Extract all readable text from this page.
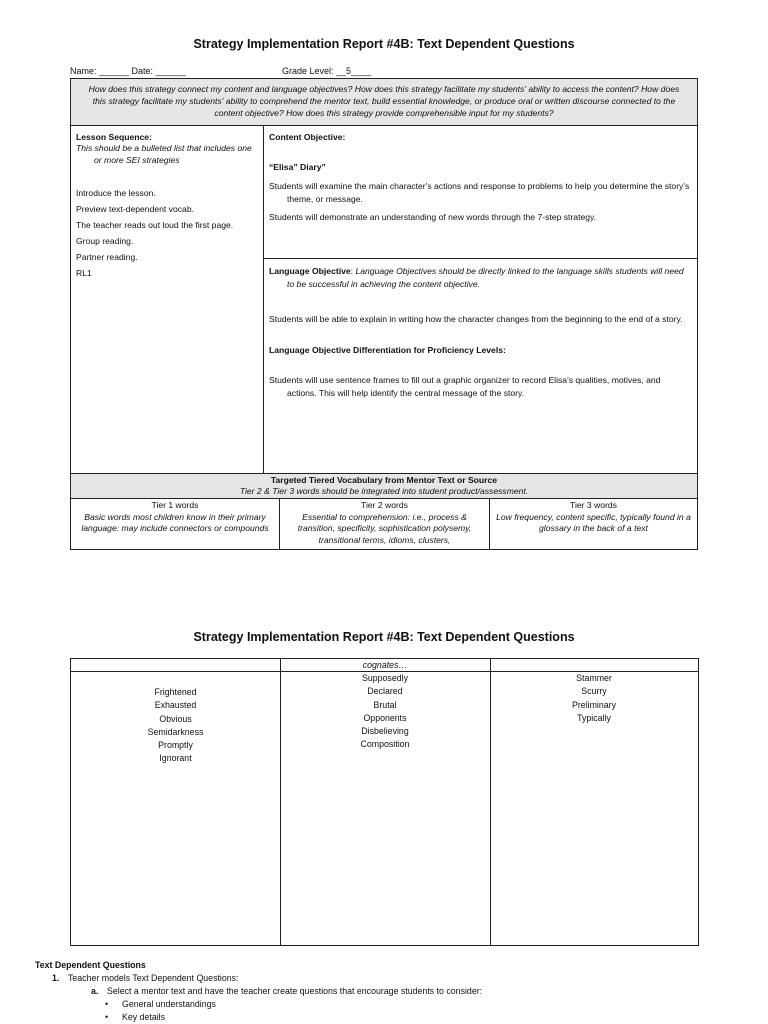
Strategy Implementation Report #4B: Text Dependent Questions
Name: ______ Date: ______	Grade Level: __5____
How does this strategy connect my content and language objectives? How does this strategy facilitate my students' ability to access the content? How does this strategy facilitate my students' ability to comprehend the mentor text, build essential knowledge, or produce oral or written discourse connected to the content objective? How does this strategy provide comprehensible input for my students?

Lesson Sequence:

This should be a bulleted list that includes one or more SEI strategies

Introduce the lesson.

Preview text-dependent vocab.

The teacher reads out loud the first page.

Group reading.

Partner reading.

RL1

Content Objective:

“Elisa” Diary”

Students will examine the main character's actions and response to problems to help you determine the story's theme, or message.

Students will demonstrate an understanding of new words through the 7-step strategy.

Language Objective: Language Objectives should be directly linked to the language skills students will need to be successful in achieving the content objective.

Students will be able to explain in writing how the character changes from the beginning to the end of a story.

Language Objective Differentiation for Proficiency Levels:

Students will use sentence frames to fill out a graphic organizer to record Elisa's qualities, motives, and actions. This will help identify the central message of the story.

Targeted Tiered Vocabulary from Mentor Text or Source
Tier 2 & Tier 3 words should be integrated into student product/assessment.
Tier 1 words
Basic words most children know in their primary language: may include connectors or compounds
Tier 2 words
Essential to comprehension: i.e., process & transition, specificity, sophistication polysemy, transitional terms, idioms, clusters,
Tier 3 words
Low frequency, content specific, typically found in a glossary in the back of a text
Strategy Implementation Report #4B: Text Dependent Questions
cognates…
Frightened
Exhausted
Obvious
Semidarkness
Promptly
Ignorant
Supposedly
Declared
Brutal
Opponents
Disbelieving
Composition
Stammer
Scurry
Preliminary
Typically
Text Dependent Questions
1. Teacher models Text Dependent Questions:
a. Select a mentor text and have the teacher create questions that encourage students to consider:
• General understandings
• Key details
